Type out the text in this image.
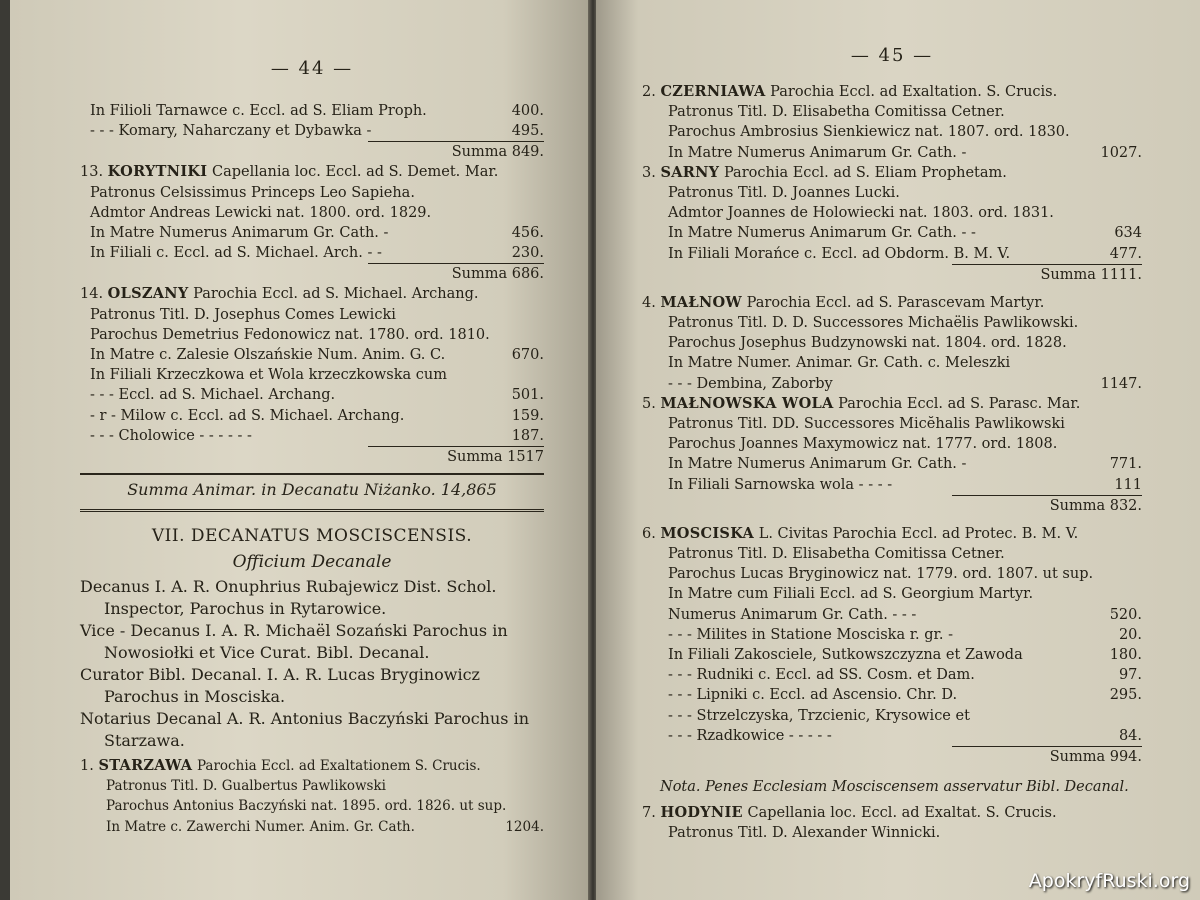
— 44 —
In Filioli Tarnawce c. Eccl. ad S. Eliam Proph.	400.
- - - Komary, Naharczany et Dybawka -	495.
Summa 849.
13. KORYTNIKI Capellania loc. Eccl. ad S. Demet. Mar.
Patronus Celsissimus Princeps Leo Sapieha.
Admtor Andreas Lewicki nat. 1800. ord. 1829.
In Matre Numerus Animarum Gr. Cath. -	456.
In Filiali c. Eccl. ad S. Michael. Arch. - -	230.
Summa 686.
14. OLSZANY Parochia Eccl. ad S. Michael. Archang.
Patronus Titl. D. Josephus Comes Lewicki
Parochus Demetrius Fedonowicz nat. 1780. ord. 1810.
In Matre c. Zalesie Olszańskie Num. Anim. G. C.	670.
In Filiali Krzeczkowa et Wola krzeczkowska cum
- - - Eccl. ad S. Michael. Archang.	501.
- r - Milow c. Eccl. ad S. Michael. Archang.	159.
- - - Cholowice - - - - - -	187.
Summa 1517
Summa Animar. in Decanatu Niżanko. 14,865
VII. DECANATUS MOSCISCENSIS.
Officium Decanale
Decanus I. A. R. Onuphrius Rubajewicz Dist. Schol. Inspector, Parochus in Rytarowice.
Vice - Decanus I. A. R. Michaël Sozański Parochus in Nowosiołki et Vice Curat. Bibl. Decanal.
Curator Bibl. Decanal. I. A. R. Lucas Bryginowicz Parochus in Mosciska.
Notarius Decanal A. R. Antonius Baczyński Parochus in Starzawa.
1. STARZAWA Parochia Eccl. ad Exaltationem S. Crucis.
Patronus Titl. D. Gualbertus Pawlikowski
Parochus Antonius Baczyński nat. 1895. ord. 1826. ut sup.
In Matre c. Zawerchi Numer. Anim. Gr. Cath.	1204.
— 45 —
2. CZERNIAWA Parochia Eccl. ad Exaltation. S. Crucis.
Patronus Titl. D. Elisabetha Comitissa Cetner.
Parochus Ambrosius Sienkiewicz nat. 1807. ord. 1830.
In Matre Numerus Animarum Gr. Cath. -	1027.
3. SARNY Parochia Eccl. ad S. Eliam Prophetam.
Patronus Titl. D. Joannes Lucki.
Admtor Joannes de Holowiecki nat. 1803. ord. 1831.
In Matre Numerus Animarum Gr. Cath. - -	634
In Filiali Morańce c. Eccl. ad Obdorm. B. M. V.	477.
Summa 1111.
4. MAŁNOW Parochia Eccl. ad S. Parascevam Martyr.
Patronus Titl. D. D. Successores Michaëlis Pawlikowski.
Parochus Josephus Budzynowski nat. 1804. ord. 1828.
In Matre Numer. Animar. Gr. Cath. c. Meleszki
- - - Dembina, Zaborby	1147.
5. MAŁNOWSKA WOLA Parochia Eccl. ad S. Parasc. Mar.
Patronus Titl. DD. Successores Micĕhalis Pawlikowski
Parochus Joannes Maxymowicz nat. 1777. ord. 1808.
In Matre Numerus Animarum Gr. Cath. -	771.
In Filiali Sarnowska wola - - - -	111
Summa 832.
6. MOSCISKA L. Civitas Parochia Eccl. ad Protec. B. M. V.
Patronus Titl. D. Elisabetha Comitissa Cetner.
Parochus Lucas Bryginowicz nat. 1779. ord. 1807. ut sup.
In Matre cum Filiali Eccl. ad S. Georgium Martyr.
Numerus Animarum Gr. Cath. - - -	520.
- - - Milites in Statione Mosciska r. gr. -	20.
In Filiali Zakosciele, Sutkowszczyzna et Zawoda	180.
- - - Rudniki c. Eccl. ad SS. Cosm. et Dam.	97.
- - - Lipniki c. Eccl. ad Ascensio. Chr. D.	295.
- - - Strzelczyska, Trzcienic, Krysowice et
- - - Rzadkowice - - - - -	84.
Summa 994.
Nota. Penes Ecclesiam Mosciscensem asservatur Bibl. Decanal.
7. HODYNIE Capellania loc. Eccl. ad Exaltat. S. Crucis.
Patronus Titl. D. Alexander Winnicki.
ApokryfRuski.org
